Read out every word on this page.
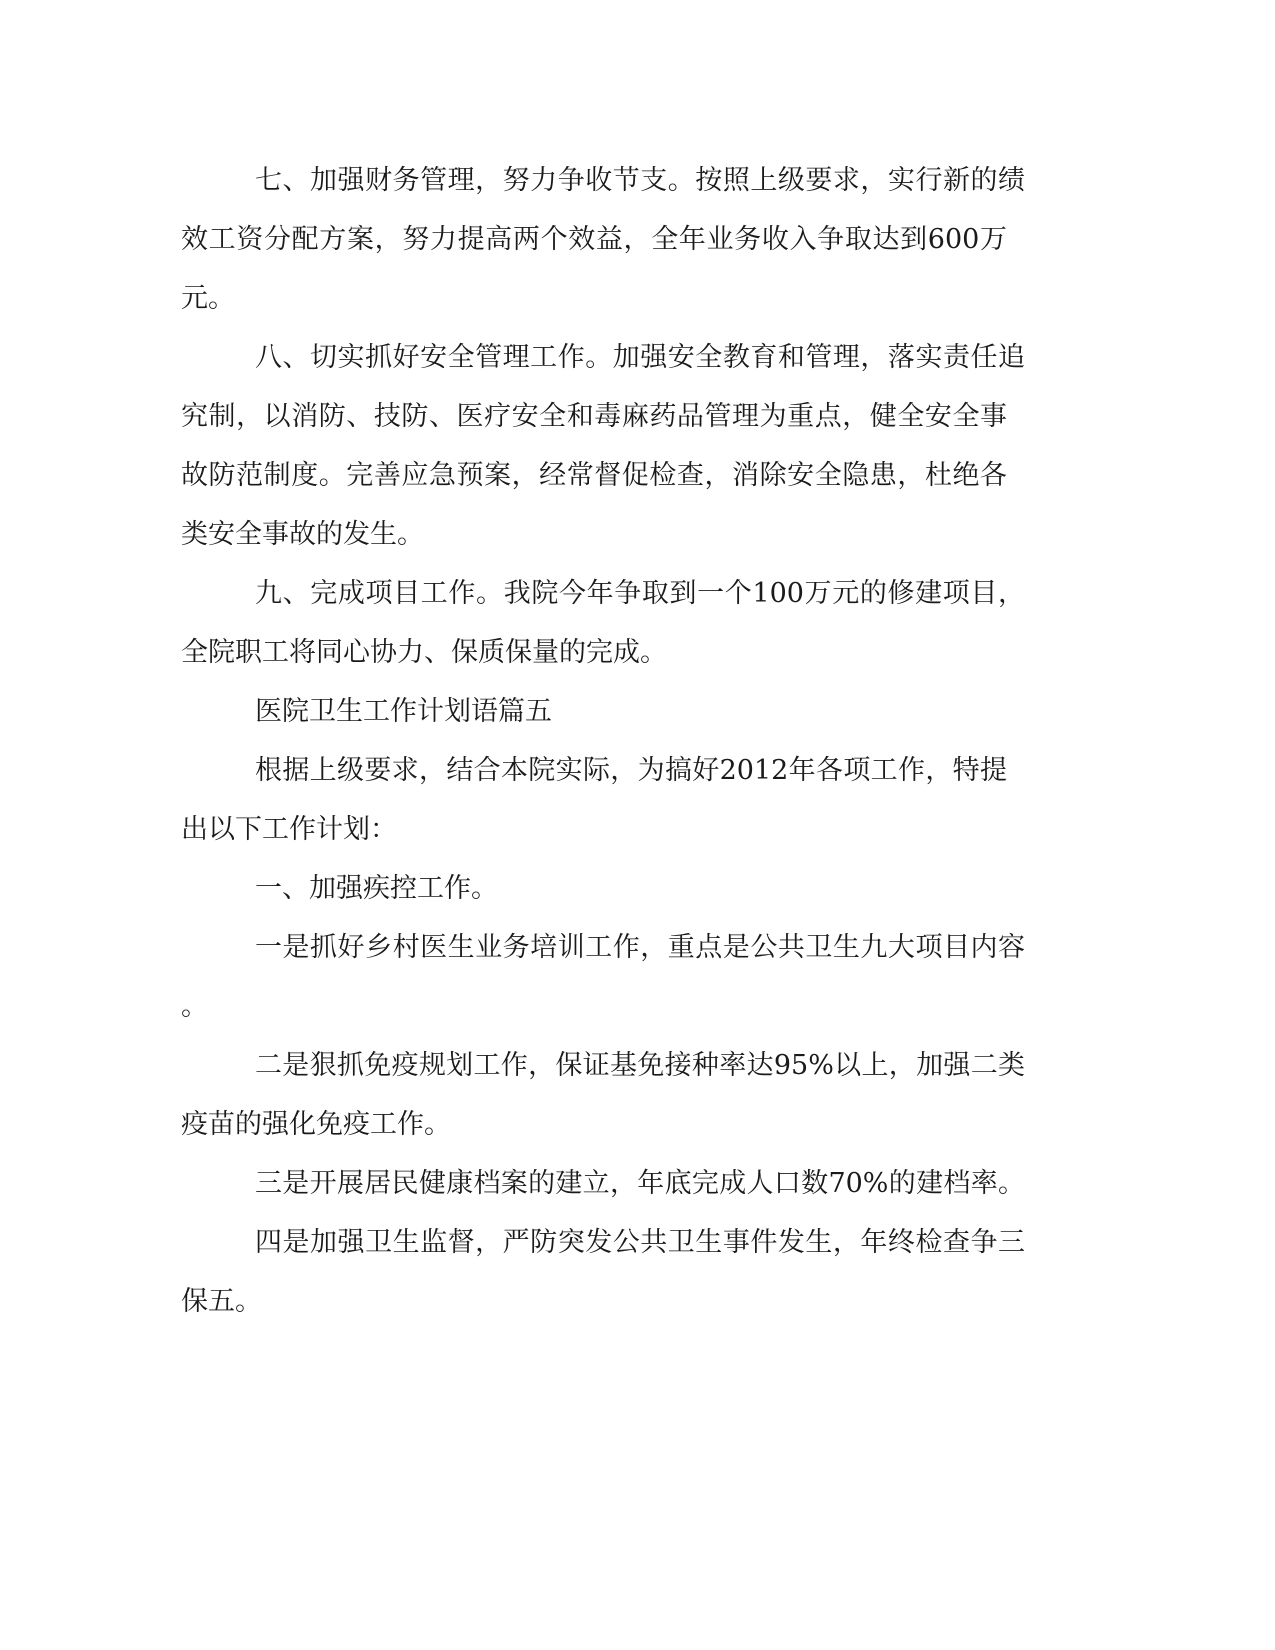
七、加强财务管理，努力争收节支。按照上级要求，实行新的绩

效工资分配方案，努力提高两个效益，全年业务收入争取达到600万

元。

八、切实抓好安全管理工作。加强安全教育和管理，落实责任追

究制，以消防、技防、医疗安全和毒麻药品管理为重点，健全安全事

故防范制度。完善应急预案，经常督促检查，消除安全隐患，杜绝各

类安全事故的发生。

九、完成项目工作。我院今年争取到一个100万元的修建项目，

全院职工将同心协力、保质保量的完成。

医院卫生工作计划语篇五

根据上级要求，结合本院实际，为搞好2012年各项工作，特提

出以下工作计划：

一、加强疾控工作。

一是抓好乡村医生业务培训工作，重点是公共卫生九大项目内容

。

二是狠抓免疫规划工作，保证基免接种率达95%以上，加强二类

疫苗的强化免疫工作。

三是开展居民健康档案的建立，年底完成人口数70%的建档率。

四是加强卫生监督，严防突发公共卫生事件发生，年终检查争三

保五。
